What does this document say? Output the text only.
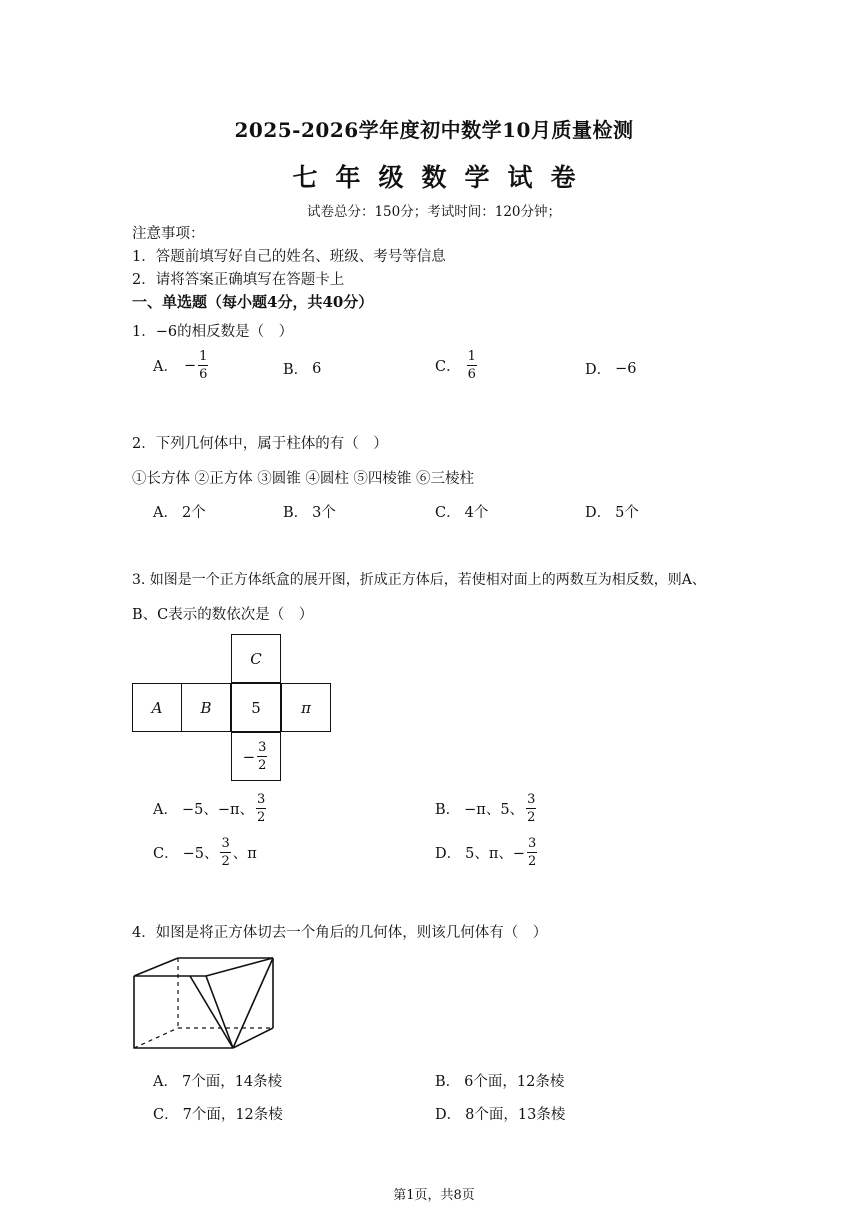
2025-2026学年度初中数学10月质量检测
七年级数学试卷
试卷总分：150分；考试时间：120分钟；
注意事项：
1．答题前填写好自己的姓名、班级、考号等信息
2．请将答案正确填写在答题卡上
一、单选题（每小题4分，共40分）
1．−6的相反数是（　）
A． − $\frac{1}{6}$	B． 6	C． $\frac{1}{6}$	D． −6
2．下列几何体中，属于柱体的有（　）
①长方体 ②正方体 ③圆锥 ④圆柱 ⑤四棱锥 ⑥三棱柱
A． 2个	B． 3个	C． 4个	D． 5个
3. 如图是一个正方体纸盒的展开图，折成正方体后，若使相对面上的两数互为相反数，则A、
B、C表示的数依次是（　）
C
A	B	5	π
− $\frac{3}{2}$
A． −5、−π、 $\frac{3}{2}$	B． −π、5、 $\frac{3}{2}$
C． −5、 $\frac{3}{2}$ 、π	D． 5、π、− $\frac{3}{2}$
4．如图是将正方体切去一个角后的几何体，则该几何体有（　）
A． 7个面，14条棱	B． 6个面，12条棱
C． 7个面，12条棱	D． 8个面，13条棱
第1页，共8页
